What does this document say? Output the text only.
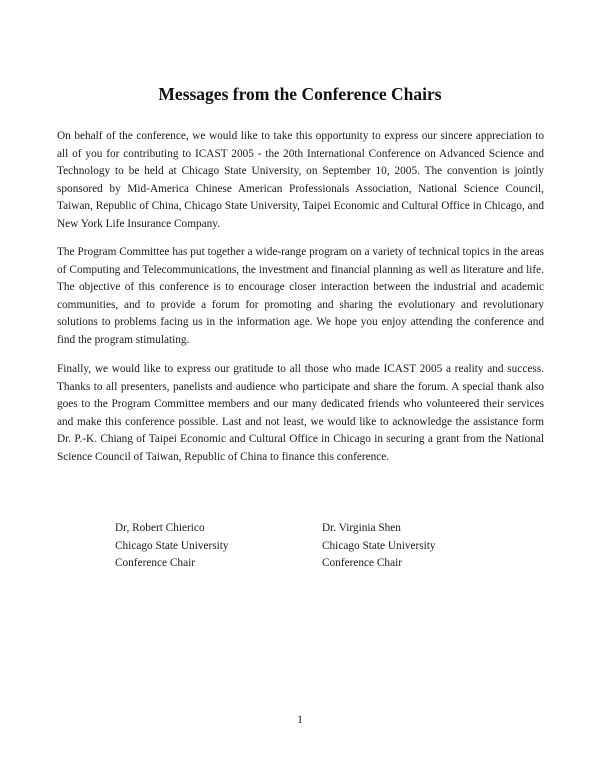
Messages from the Conference Chairs

On behalf of the conference, we would like to take this opportunity to express our sincere appreciation to all of you for contributing to ICAST 2005 - the 20th International Conference on Advanced Science and Technology to be held at Chicago State University, on September 10, 2005. The convention is jointly sponsored by Mid-America Chinese American Professionals Association, National Science Council, Taiwan, Republic of China, Chicago State University, Taipei Economic and Cultural Office in Chicago, and New York Life Insurance Company.

The Program Committee has put together a wide-range program on a variety of technical topics in the areas of Computing and Telecommunications, the investment and financial planning as well as literature and life. The objective of this conference is to encourage closer interaction between the industrial and academic communities, and to provide a forum for promoting and sharing the evolutionary and revolutionary solutions to problems facing us in the information age. We hope you enjoy attending the conference and find the program stimulating.

Finally, we would like to express our gratitude to all those who made ICAST 2005 a reality and success. Thanks to all presenters, panelists and audience who participate and share the forum. A special thank also goes to the Program Committee members and our many dedicated friends who volunteered their services and make this conference possible. Last and not least, we would like to acknowledge the assistance form Dr. P.-K. Chiang of Taipei Economic and Cultural Office in Chicago in securing a grant from the National Science Council of Taiwan, Republic of China to finance this conference.

Dr, Robert Chierico
Chicago State University
Conference Chair
Dr. Virginia Shen
Chicago State University
Conference Chair
1
